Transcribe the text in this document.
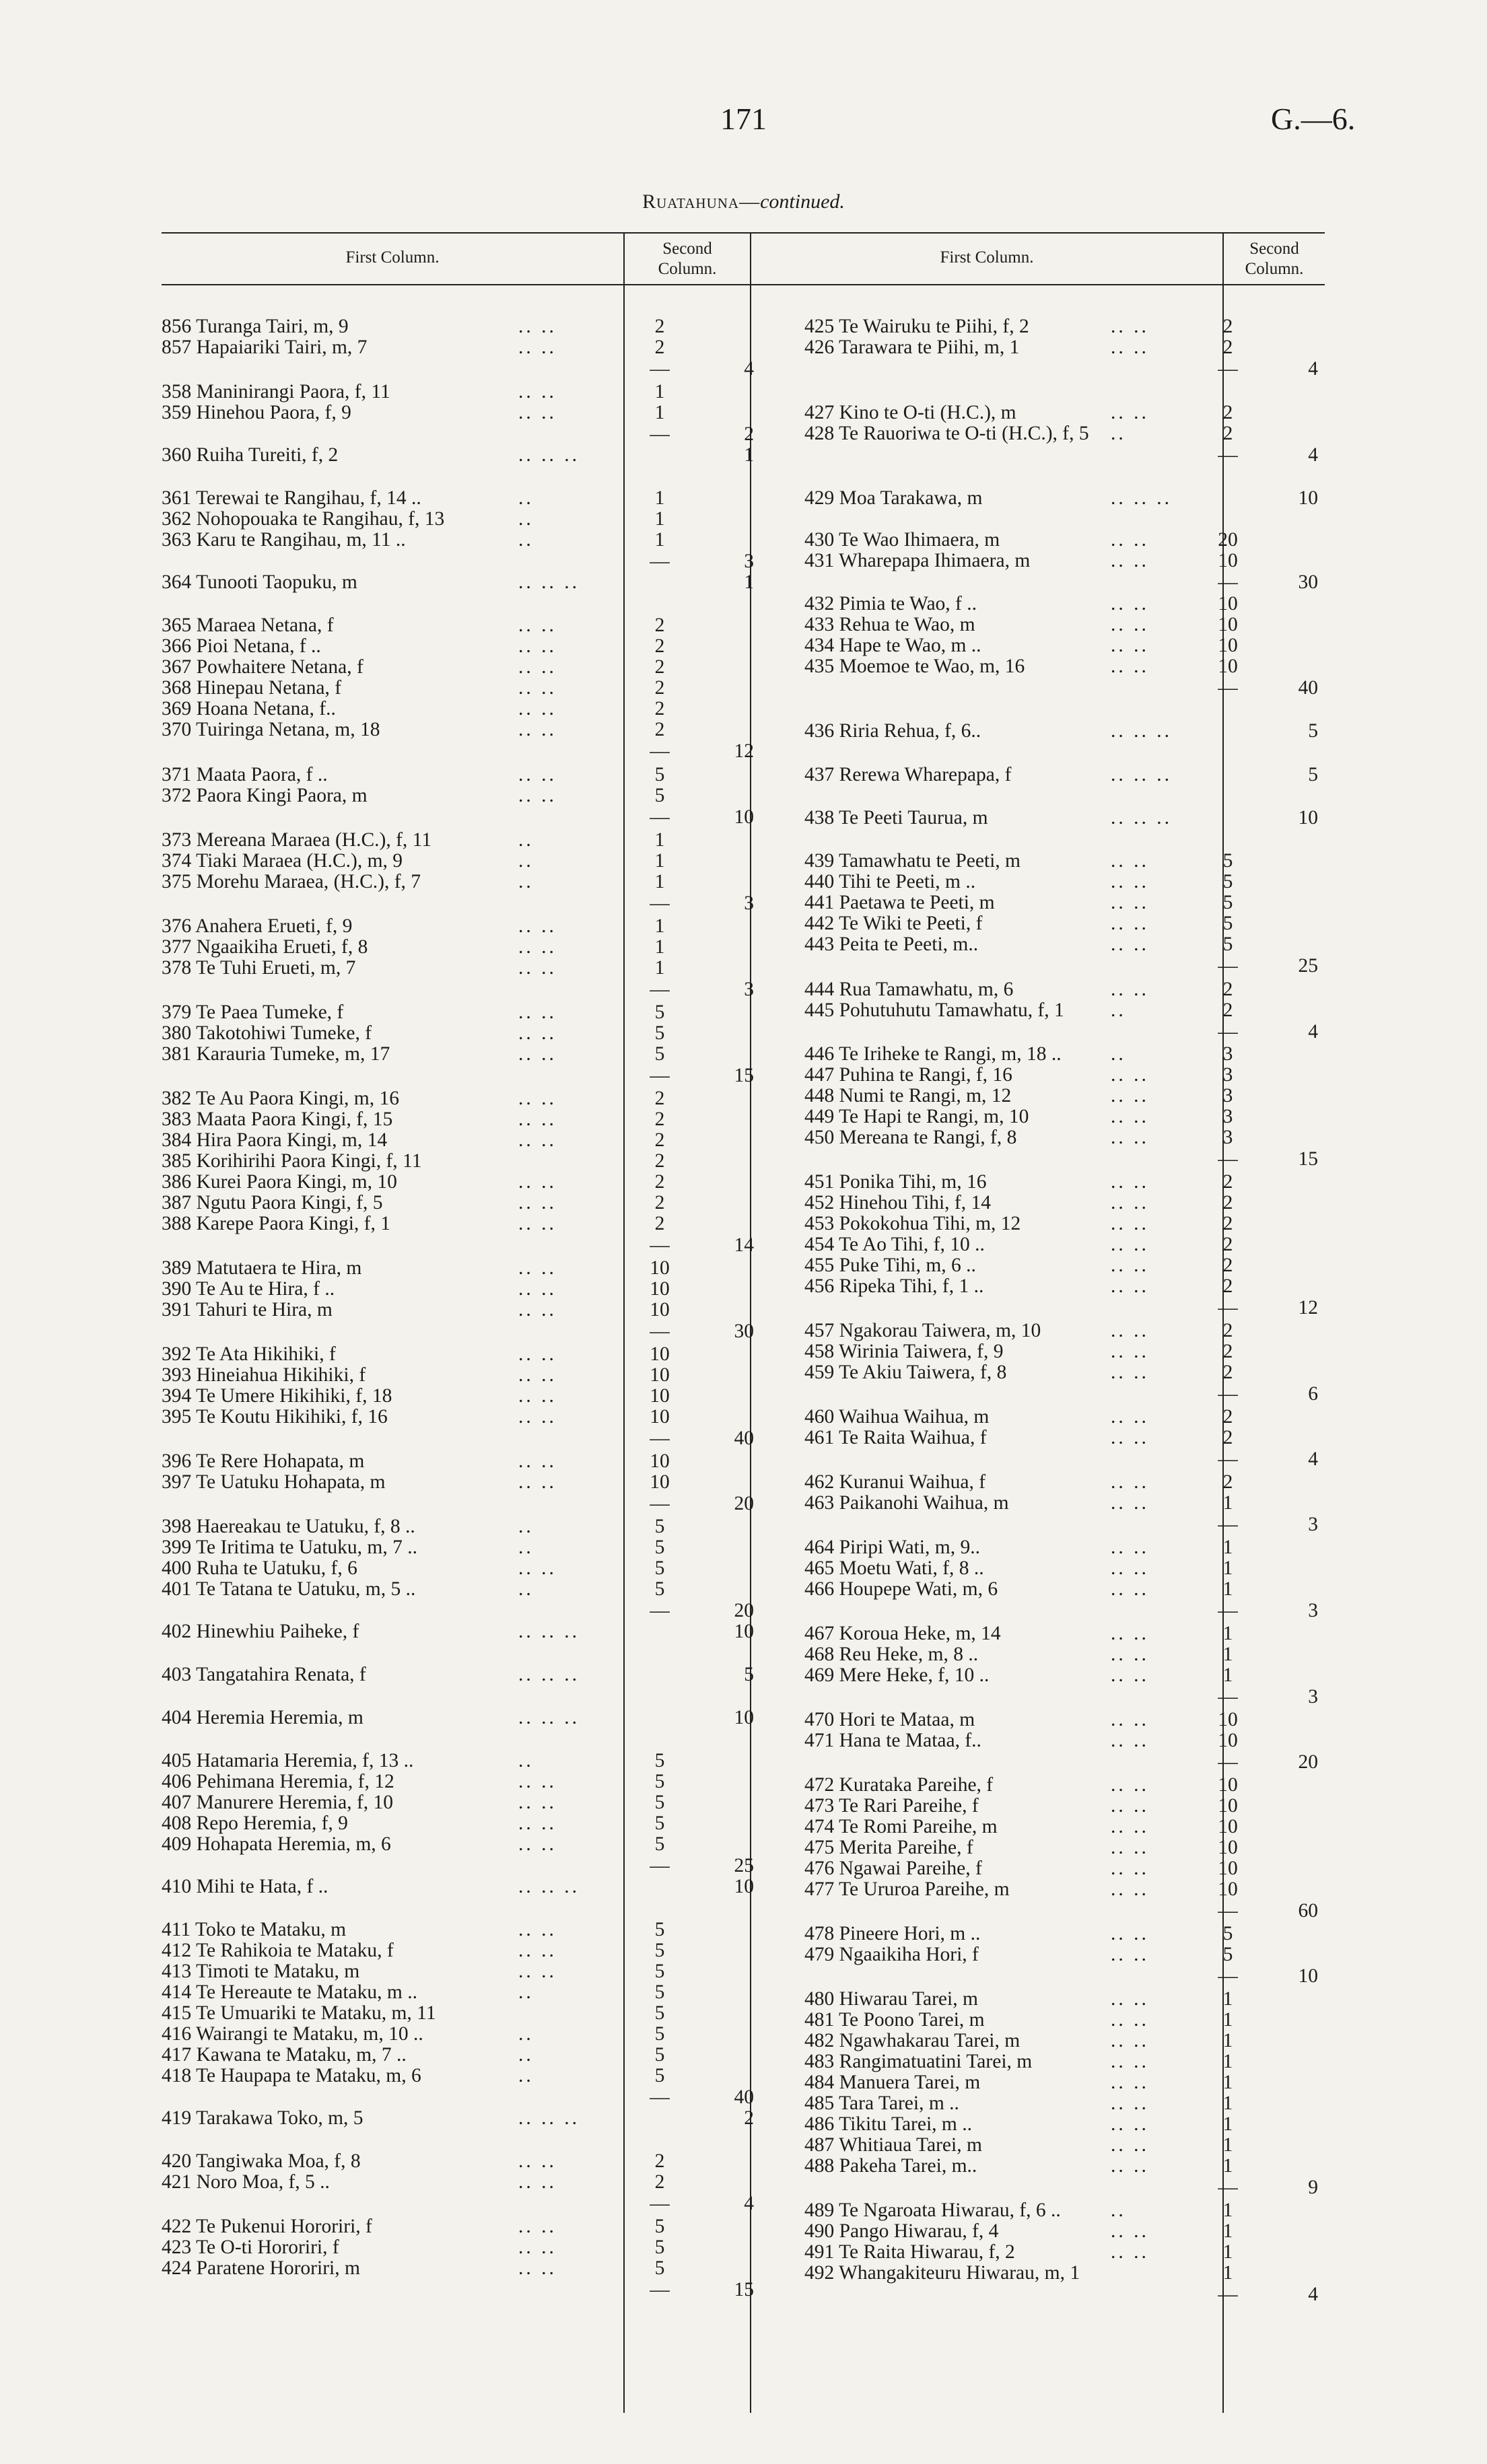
171	G.—6.
Ruatahuna—continued.
First Column.	Second
Column.
First Column.	Second
Column.
856 Turanga Tairi, m, 9	.. ..	2
857 Hapaiariki Tairi, m, 7	.. ..	2
—	4
358 Maninirangi Paora, f, 11	.. ..	1
359 Hinehou Paora, f, 9	.. ..	1
—	2
360 Ruiha Tureiti, f, 2	.. .. ..	1
361 Terewai te Rangihau, f, 14 ..	..	1
362 Nohopouaka te Rangihau, f, 13	..	1
363 Karu te Rangihau, m, 11 ..	..	1
—	3
364 Tunooti Taopuku, m	.. .. ..	1
365 Maraea Netana, f	.. ..	2
366 Pioi Netana, f ..	.. ..	2
367 Powhaitere Netana, f	.. ..	2
368 Hinepau Netana, f	.. ..	2
369 Hoana Netana, f..	.. ..	2
370 Tuiringa Netana, m, 18	.. ..	2
—	12
371 Maata Paora, f ..	.. ..	5
372 Paora Kingi Paora, m	.. ..	5
—	10
373 Mereana Maraea (H.C.), f, 11	..	1
374 Tiaki Maraea (H.C.), m, 9	..	1
375 Morehu Maraea, (H.C.), f, 7	..	1
—	3
376 Anahera Erueti, f, 9	.. ..	1
377 Ngaaikiha Erueti, f, 8	.. ..	1
378 Te Tuhi Erueti, m, 7	.. ..	1
—	3
379 Te Paea Tumeke, f	.. ..	5
380 Takotohiwi Tumeke, f	.. ..	5
381 Karauria Tumeke, m, 17	.. ..	5
—	15
382 Te Au Paora Kingi, m, 16	.. ..	2
383 Maata Paora Kingi, f, 15	.. ..	2
384 Hira Paora Kingi, m, 14	.. ..	2
385 Korihirihi Paora Kingi, f, 11	2
386 Kurei Paora Kingi, m, 10	.. ..	2
387 Ngutu Paora Kingi, f, 5	.. ..	2
388 Karepe Paora Kingi, f, 1	.. ..	2
—	14
389 Matutaera te Hira, m	.. ..	10
390 Te Au te Hira, f ..	.. ..	10
391 Tahuri te Hira, m	.. ..	10
—	30
392 Te Ata Hikihiki, f	.. ..	10
393 Hineiahua Hikihiki, f	.. ..	10
394 Te Umere Hikihiki, f, 18	.. ..	10
395 Te Koutu Hikihiki, f, 16	.. ..	10
—	40
396 Te Rere Hohapata, m	.. ..	10
397 Te Uatuku Hohapata, m	.. ..	10
—	20
398 Haereakau te Uatuku, f, 8 ..	..	5
399 Te Iritima te Uatuku, m, 7 ..	..	5
400 Ruha te Uatuku, f, 6	.. ..	5
401 Te Tatana te Uatuku, m, 5 ..	..	5
—	20
402 Hinewhiu Paiheke, f	.. .. ..	10
403 Tangatahira Renata, f	.. .. ..	5
404 Heremia Heremia, m	.. .. ..	10
405 Hatamaria Heremia, f, 13 ..	..	5
406 Pehimana Heremia, f, 12	.. ..	5
407 Manurere Heremia, f, 10	.. ..	5
408 Repo Heremia, f, 9	.. ..	5
409 Hohapata Heremia, m, 6	.. ..	5
—	25
410 Mihi te Hata, f ..	.. .. ..	10
411 Toko te Mataku, m	.. ..	5
412 Te Rahikoia te Mataku, f	.. ..	5
413 Timoti te Mataku, m	.. ..	5
414 Te Hereaute te Mataku, m ..	..	5
415 Te Umuariki te Mataku, m, 11	5
416 Wairangi te Mataku, m, 10 ..	..	5
417 Kawana te Mataku, m, 7 ..	..	5
418 Te Haupapa te Mataku, m, 6	..	5
—	40
419 Tarakawa Toko, m, 5	.. .. ..	2
420 Tangiwaka Moa, f, 8	.. ..	2
421 Noro Moa, f, 5 ..	.. ..	2
—	4
422 Te Pukenui Hororiri, f	.. ..	5
423 Te O-ti Hororiri, f	.. ..	5
424 Paratene Hororiri, m	.. ..	5
—	15
425 Te Wairuku te Piihi, f, 2	.. ..	2
426 Tarawara te Piihi, m, 1	.. ..	2
—	4
427 Kino te O-ti (H.C.), m	.. ..	2
428 Te Rauoriwa te O-ti (H.C.), f, 5 ..	2
—	4
429 Moa Tarakawa, m	.. .. ..	10
430 Te Wao Ihimaera, m	.. ..	20
431 Wharepapa Ihimaera, m	.. ..	10
—	30
432 Pimia te Wao, f ..	.. ..	10
433 Rehua te Wao, m	.. ..	10
434 Hape te Wao, m ..	.. ..	10
435 Moemoe te Wao, m, 16	.. ..	10
—	40
436 Riria Rehua, f, 6..	.. .. ..	5
437 Rerewa Wharepapa, f	.. .. ..	5
438 Te Peeti Taurua, m	.. .. ..	10
439 Tamawhatu te Peeti, m	.. ..	5
440 Tihi te Peeti, m ..	.. ..	5
441 Paetawa te Peeti, m	.. ..	5
442 Te Wiki te Peeti, f	.. ..	5
443 Peita te Peeti, m..	.. ..	5
—	25
444 Rua Tamawhatu, m, 6	.. ..	2
445 Pohutuhutu Tamawhatu, f, 1 ..	2
—	4
446 Te Iriheke te Rangi, m, 18 .. ..	3
447 Puhina te Rangi, f, 16	.. ..	3
448 Numi te Rangi, m, 12	.. ..	3
449 Te Hapi te Rangi, m, 10	.. ..	3
450 Mereana te Rangi, f, 8	.. ..	3
—	15
451 Ponika Tihi, m, 16	.. ..	2
452 Hinehou Tihi, f, 14	.. ..	2
453 Pokokohua Tihi, m, 12	.. ..	2
454 Te Ao Tihi, f, 10 ..	.. ..	2
455 Puke Tihi, m, 6 ..	.. ..	2
456 Ripeka Tihi, f, 1 ..	.. ..	2
—	12
457 Ngakorau Taiwera, m, 10	.. ..	2
458 Wirinia Taiwera, f, 9	.. ..	2
459 Te Akiu Taiwera, f, 8	.. ..	2
—	6
460 Waihua Waihua, m	.. ..	2
461 Te Raita Waihua, f	.. ..	2
—	4
462 Kuranui Waihua, f	.. ..	2
463 Paikanohi Waihua, m	.. ..	1
—	3
464 Piripi Wati, m, 9..	.. ..	1
465 Moetu Wati, f, 8 ..	.. ..	1
466 Houpepe Wati, m, 6	.. ..	1
—	3
467 Koroua Heke, m, 14	.. ..	1
468 Reu Heke, m, 8 ..	.. ..	1
469 Mere Heke, f, 10 ..	.. ..	1
—	3
470 Hori te Mataa, m	.. ..	10
471 Hana te Mataa, f..	.. ..	10
—	20
472 Kurataka Pareihe, f	.. ..	10
473 Te Rari Pareihe, f	.. ..	10
474 Te Romi Pareihe, m	.. ..	10
475 Merita Pareihe, f	.. ..	10
476 Ngawai Pareihe, f	.. ..	10
477 Te Ururoa Pareihe, m	.. ..	10
—	60
478 Pineere Hori, m ..	.. ..	5
479 Ngaaikiha Hori, f	.. ..	5
—	10
480 Hiwarau Tarei, m	.. ..	1
481 Te Poono Tarei, m	.. ..	1
482 Ngawhakarau Tarei, m	.. ..	1
483 Rangimatuatini Tarei, m	.. ..	1
484 Manuera Tarei, m	.. ..	1
485 Tara Tarei, m ..	.. ..	1
486 Tikitu Tarei, m ..	.. ..	1
487 Whitiaua Tarei, m	.. ..	1
488 Pakeha Tarei, m..	.. ..	1
—	9
489 Te Ngaroata Hiwarau, f, 6 ..	..	1
490 Pango Hiwarau, f, 4	.. ..	1
491 Te Raita Hiwarau, f, 2	.. ..	1
492 Whangakiteuru Hiwarau, m, 1	1
—	4
